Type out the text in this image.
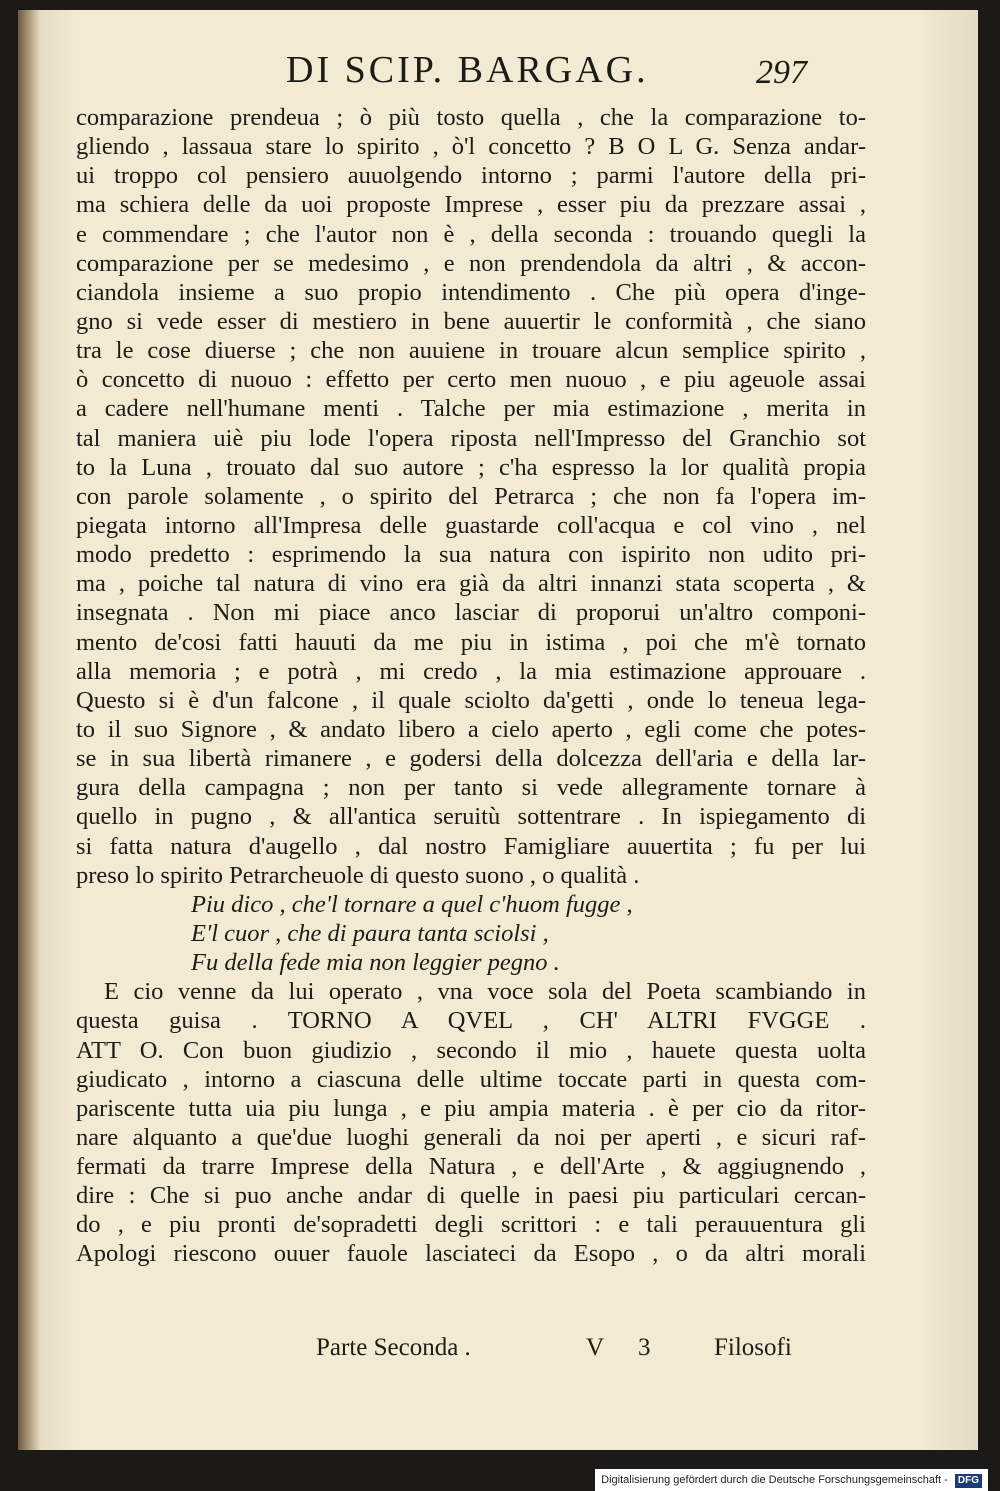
DI SCIP. BARGAG.	297
comparazione prendeua ; ò più tosto quella , che la comparazione to-
gliendo , lassaua stare lo spirito , ò'l concetto ? B O L G. Senza andar-
ui troppo col pensiero auuolgendo intorno ; parmi l'autore della pri-
ma schiera delle da uoi proposte Imprese , esser piu da prezzare assai ,
e commendare ; che l'autor non è , della seconda : trouando quegli la
comparazione per se medesimo , e non prendendola da altri , & accon-
ciandola insieme a suo propio intendimento . Che più opera d'inge-
gno si vede esser di mestiero in bene auuertir le conformità , che siano
tra le cose diuerse ; che non auuiene in trouare alcun semplice spirito ,
ò concetto di nuouo : effetto per certo men nuouo , e piu ageuole assai
a cadere nell'humane menti . Talche per mia estimazione , merita in
tal maniera uiè piu lode l'opera riposta nell'Impresso del Granchio sot
to la Luna , trouato dal suo autore ; c'ha espresso la lor qualità propia
con parole solamente , o spirito del Petrarca ; che non fa l'opera im-
piegata intorno all'Impresa delle guastarde coll'acqua e col vino , nel
modo predetto : esprimendo la sua natura con ispirito non udito pri-
ma , poiche tal natura di vino era già da altri innanzi stata scoperta , &
insegnata . Non mi piace anco lasciar di proporui un'altro componi-
mento de'cosi fatti hauuti da me piu in istima , poi che m'è tornato
alla memoria ; e potrà , mi credo , la mia estimazione approuare .
Questo si è d'un falcone , il quale sciolto da'getti , onde lo teneua lega-
to il suo Signore , & andato libero a cielo aperto , egli come che potes-
se in sua libertà rimanere , e godersi della dolcezza dell'aria e della lar-
gura della campagna ; non per tanto si vede allegramente tornare à
quello in pugno , & all'antica seruitù sottentrare . In ispiegamento di
si fatta natura d'augello , dal nostro Famigliare auuertita ; fu per lui
preso lo spirito Petrarcheuole di questo suono , o qualità .
Piu dico , che'l tornare a quel c'huom fugge ,
E'l cuor , che di paura tanta sciolsi ,
Fu della fede mia non leggier pegno .
E cio venne da lui operato , vna voce sola del Poeta scambiando in
questa guisa . TORNO A QVEL , CH' ALTRI FVGGE .
ATT O. Con buon giudizio , secondo il mio , hauete questa uolta
giudicato , intorno a ciascuna delle ultime toccate parti in questa com-
pariscente tutta uia piu lunga , e piu ampia materia . è per cio da ritor-
nare alquanto a que'due luoghi generali da noi per aperti , e sicuri raf-
fermati da trarre Imprese della Natura , e dell'Arte , & aggiugnendo ,
dire : Che si puo anche andar di quelle in paesi piu particulari cercan-
do , e piu pronti de'sopradetti degli scrittori : e tali perauuentura gli
Apologi riescono ouuer fauole lasciateci da Esopo , o da altri morali
Parte Seconda .	V 3	Filosofi
Digitalisierung gefördert durch die Deutsche Forschungsgemeinschaft - DFG
